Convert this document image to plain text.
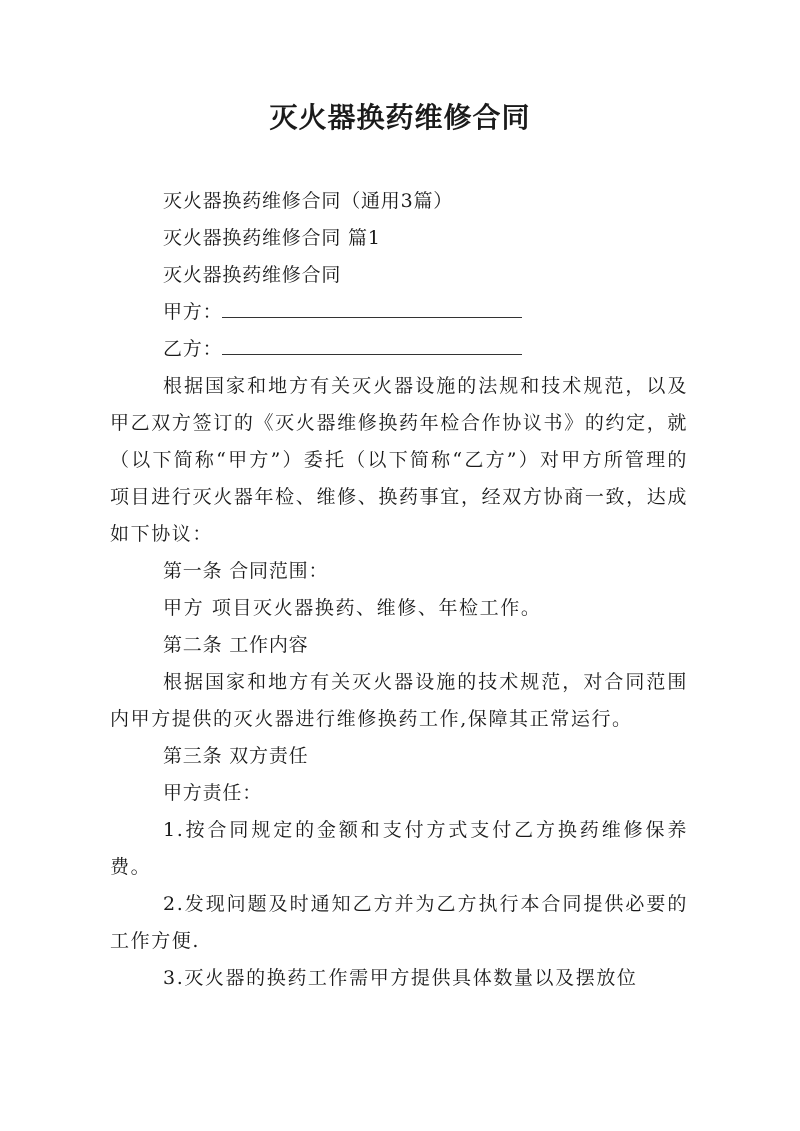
灭火器换药维修合同
灭火器换药维修合同（通用3篇）
灭火器换药维修合同 篇1
灭火器换药维修合同
甲方：
乙方：
根据国家和地方有关灭火器设施的法规和技术规范，以及甲乙双方签订的《灭火器维修换药年检合作协议书》的约定，就（以下简称“甲方”）委托（以下简称“乙方”）对甲方所管理的 项目进行灭火器年检、维修、换药事宜，经双方协商一致，达成如下协议：
第一条 合同范围：
甲方 项目灭火器换药、维修、年检工作。
第二条 工作内容
根据国家和地方有关灭火器设施的技术规范，对合同范围内甲方提供的灭火器进行维修换药工作,保障其正常运行。
第三条 双方责任
甲方责任：
1.按合同规定的金额和支付方式支付乙方换药维修保养费。
2.发现问题及时通知乙方并为乙方执行本合同提供必要的工作方便.
3.灭火器的换药工作需甲方提供具体数量以及摆放位
